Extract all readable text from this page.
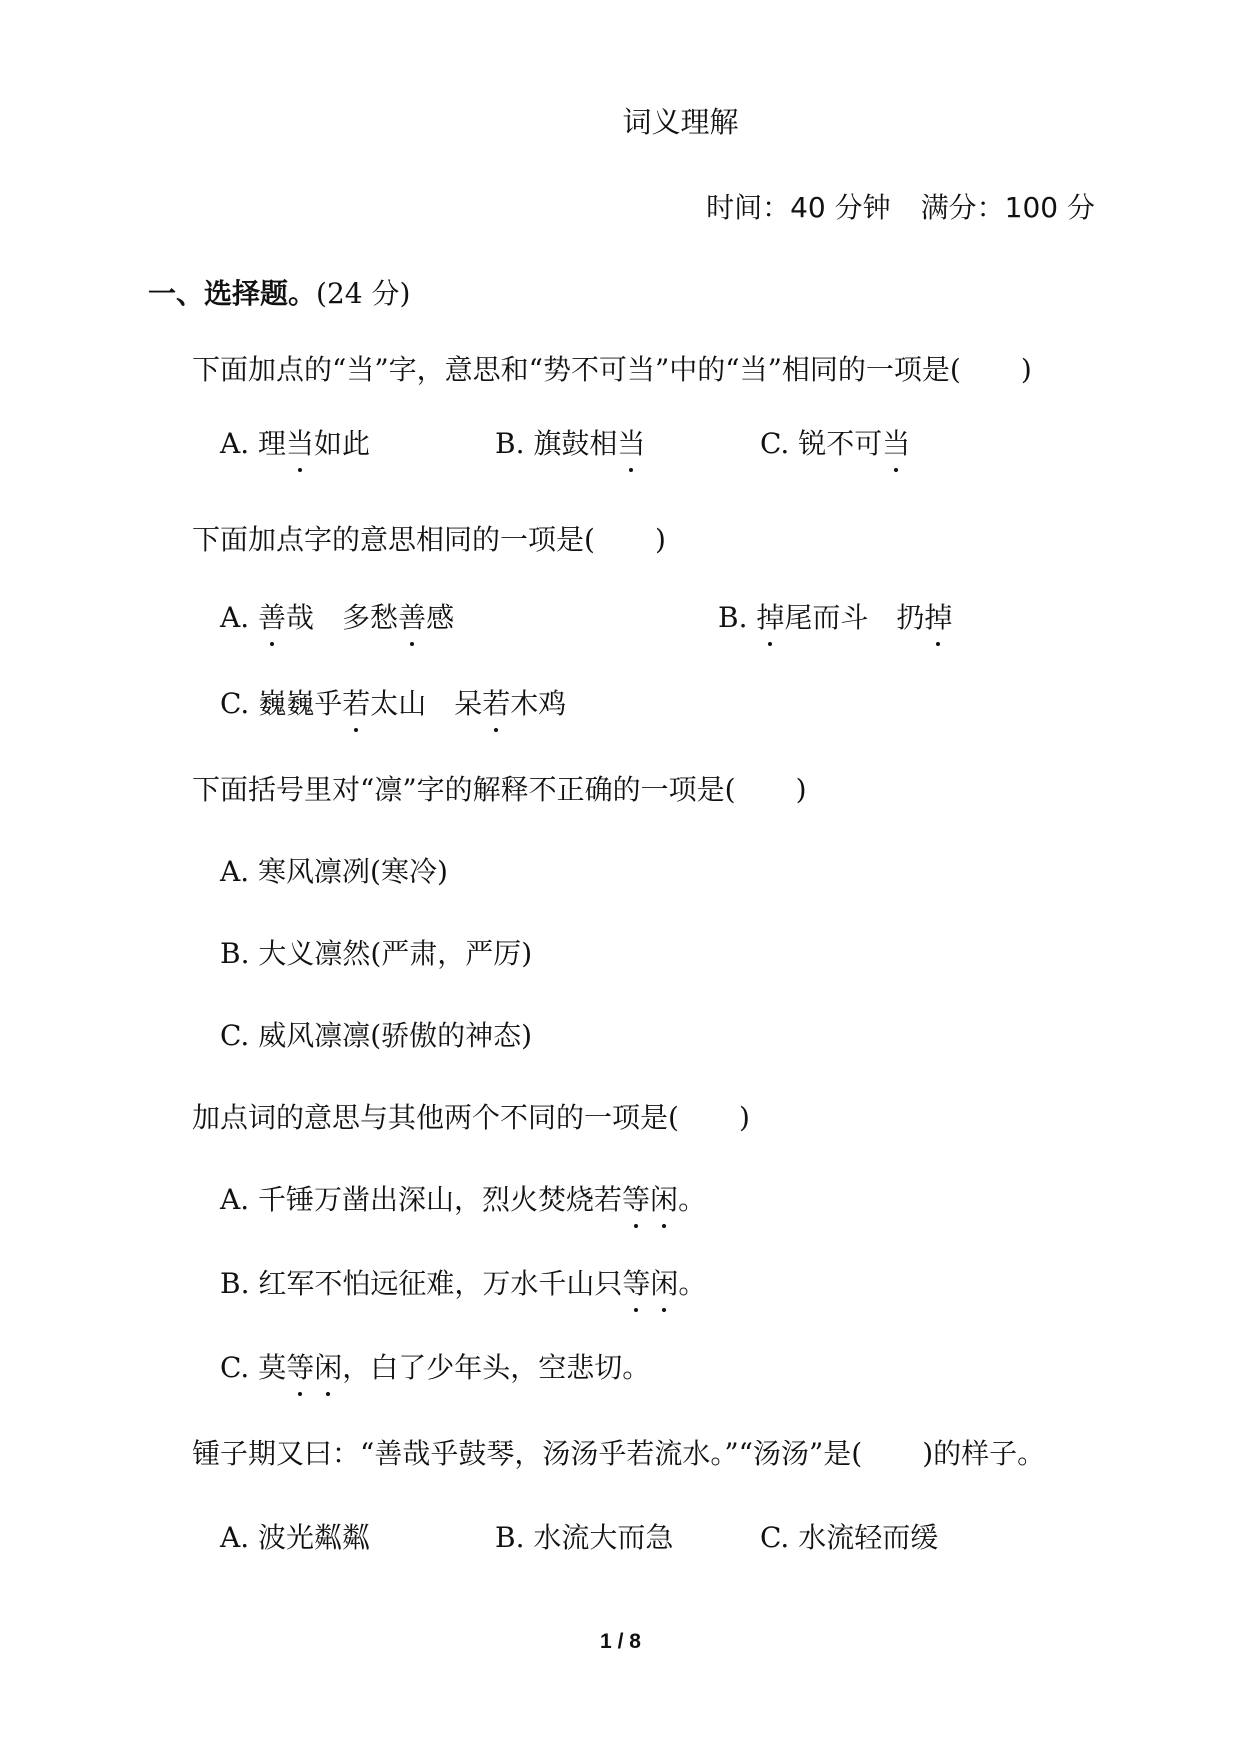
词义理解
时间：40 分钟 满分：100 分
一、选择题。(24 分)
下面加点的“当”字，意思和“势不可当”中的“当”相同的一项是( )
A. 理当如此	B. 旗鼓相当	C. 锐不可当
下面加点字的意思相同的一项是( )
A. 善哉　多愁善感	B. 掉尾而斗　扔掉
C. 巍巍乎若太山　呆若木鸡
下面括号里对“凛”字的解释不正确的一项是( )
A. 寒风凛冽(寒冷)
B. 大义凛然(严肃，严厉)
C. 威风凛凛(骄傲的神态)
加点词的意思与其他两个不同的一项是( )
A. 千锤万凿出深山，烈火焚烧若等闲。
B. 红军不怕远征难，万水千山只等闲。
C. 莫等闲，白了少年头，空悲切。
锺子期又曰：“善哉乎鼓琴，汤汤乎若流水。”“汤汤”是( )的样子。
A. 波光粼粼	B. 水流大而急	C. 水流轻而缓
1 / 8
